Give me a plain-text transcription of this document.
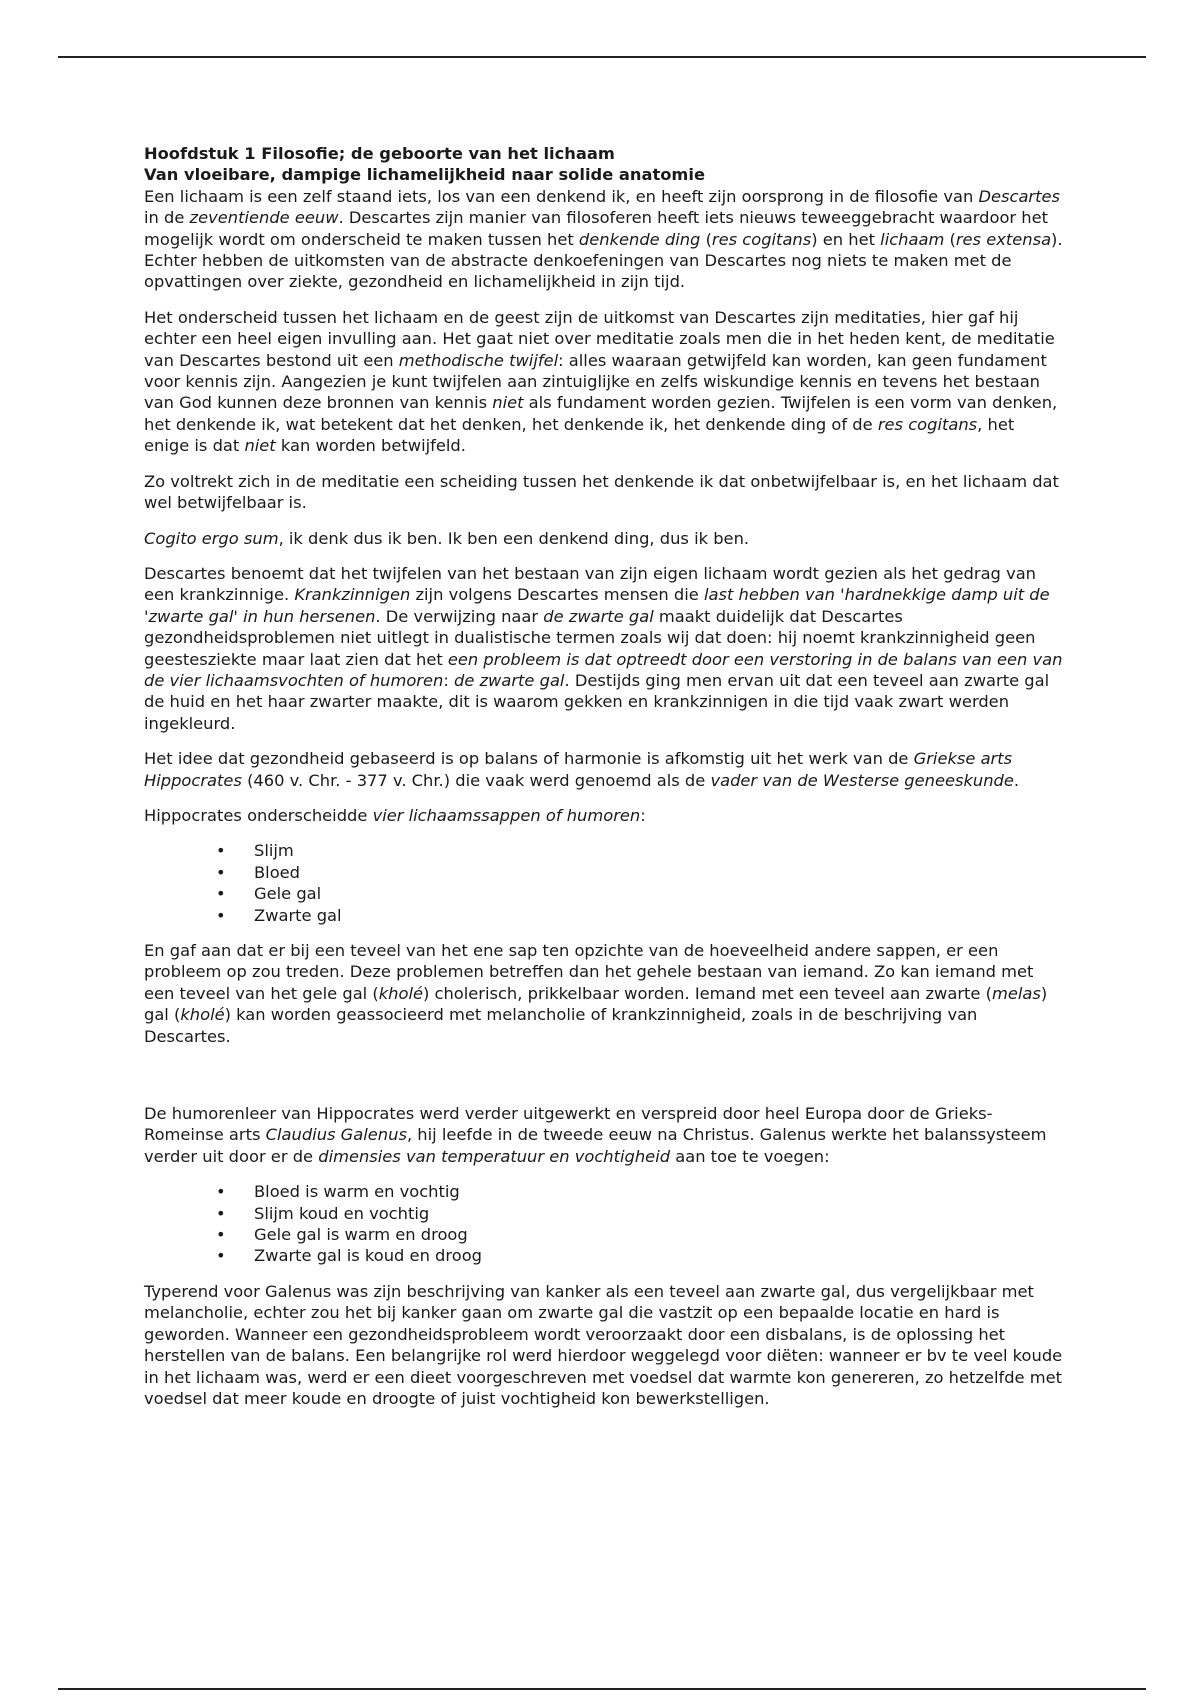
Hoofdstuk 1 Filosofie; de geboorte van het lichaam
Van vloeibare, dampige lichamelijkheid naar solide anatomie

Een lichaam is een zelf staand iets, los van een denkend ik, en heeft zijn oorsprong in de filosofie van Descartes in de zeventiende eeuw. Descartes zijn manier van filosoferen heeft iets nieuws teweeggebracht waardoor het mogelijk wordt om onderscheid te maken tussen het denkende ding (res cogitans) en het lichaam (res extensa). Echter hebben de uitkomsten van de abstracte denkoefeningen van Descartes nog niets te maken met de opvattingen over ziekte, gezondheid en lichamelijkheid in zijn tijd.

Het onderscheid tussen het lichaam en de geest zijn de uitkomst van Descartes zijn meditaties, hier gaf hij echter een heel eigen invulling aan. Het gaat niet over meditatie zoals men die in het heden kent, de meditatie van Descartes bestond uit een methodische twijfel: alles waaraan getwijfeld kan worden, kan geen fundament voor kennis zijn. Aangezien je kunt twijfelen aan zintuiglijke en zelfs wiskundige kennis en tevens het bestaan van God kunnen deze bronnen van kennis niet als fundament worden gezien. Twijfelen is een vorm van denken, het denkende ik, wat betekent dat het denken, het denkende ik, het denkende ding of de res cogitans, het enige is dat niet kan worden betwijfeld.

Zo voltrekt zich in de meditatie een scheiding tussen het denkende ik dat onbetwijfelbaar is, en het lichaam dat wel betwijfelbaar is.

Cogito ergo sum, ik denk dus ik ben. Ik ben een denkend ding, dus ik ben.

Descartes benoemt dat het twijfelen van het bestaan van zijn eigen lichaam wordt gezien als het gedrag van een krankzinnige. Krankzinnigen zijn volgens Descartes mensen die last hebben van 'hardnekkige damp uit de 'zwarte gal' in hun hersenen. De verwijzing naar de zwarte gal maakt duidelijk dat Descartes gezondheidsproblemen niet uitlegt in dualistische termen zoals wij dat doen: hij noemt krankzinnigheid geen geestesziekte maar laat zien dat het een probleem is dat optreedt door een verstoring in de balans van een van de vier lichaamsvochten of humoren: de zwarte gal. Destijds ging men ervan uit dat een teveel aan zwarte gal de huid en het haar zwarter maakte, dit is waarom gekken en krankzinnigen in die tijd vaak zwart werden ingekleurd.

Het idee dat gezondheid gebaseerd is op balans of harmonie is afkomstig uit het werk van de Griekse arts Hippocrates (460 v. Chr. - 377 v. Chr.) die vaak werd genoemd als de vader van de Westerse geneeskunde.

Hippocrates onderscheidde vier lichaamssappen of humoren:

• Slijm
• Bloed
• Gele gal
• Zwarte gal

En gaf aan dat er bij een teveel van het ene sap ten opzichte van de hoeveelheid andere sappen, er een probleem op zou treden. Deze problemen betreffen dan het gehele bestaan van iemand. Zo kan iemand met een teveel van het gele gal (kholé) cholerisch, prikkelbaar worden. Iemand met een teveel aan zwarte (melas) gal (kholé) kan worden geassocieerd met melancholie of krankzinnigheid, zoals in de beschrijving van Descartes.

De humorenleer van Hippocrates werd verder uitgewerkt en verspreid door heel Europa door de Grieks-Romeinse arts Claudius Galenus, hij leefde in de tweede eeuw na Christus. Galenus werkte het balanssysteem verder uit door er de dimensies van temperatuur en vochtigheid aan toe te voegen:

• Bloed is warm en vochtig
• Slijm koud en vochtig
• Gele gal is warm en droog
• Zwarte gal is koud en droog

Typerend voor Galenus was zijn beschrijving van kanker als een teveel aan zwarte gal, dus vergelijkbaar met melancholie, echter zou het bij kanker gaan om zwarte gal die vastzit op een bepaalde locatie en hard is geworden. Wanneer een gezondheidsprobleem wordt veroorzaakt door een disbalans, is de oplossing het herstellen van de balans. Een belangrijke rol werd hierdoor weggelegd voor diëten: wanneer er bv te veel koude in het lichaam was, werd er een dieet voorgeschreven met voedsel dat warmte kon genereren, zo hetzelfde met voedsel dat meer koude en droogte of juist vochtigheid kon bewerkstelligen.
